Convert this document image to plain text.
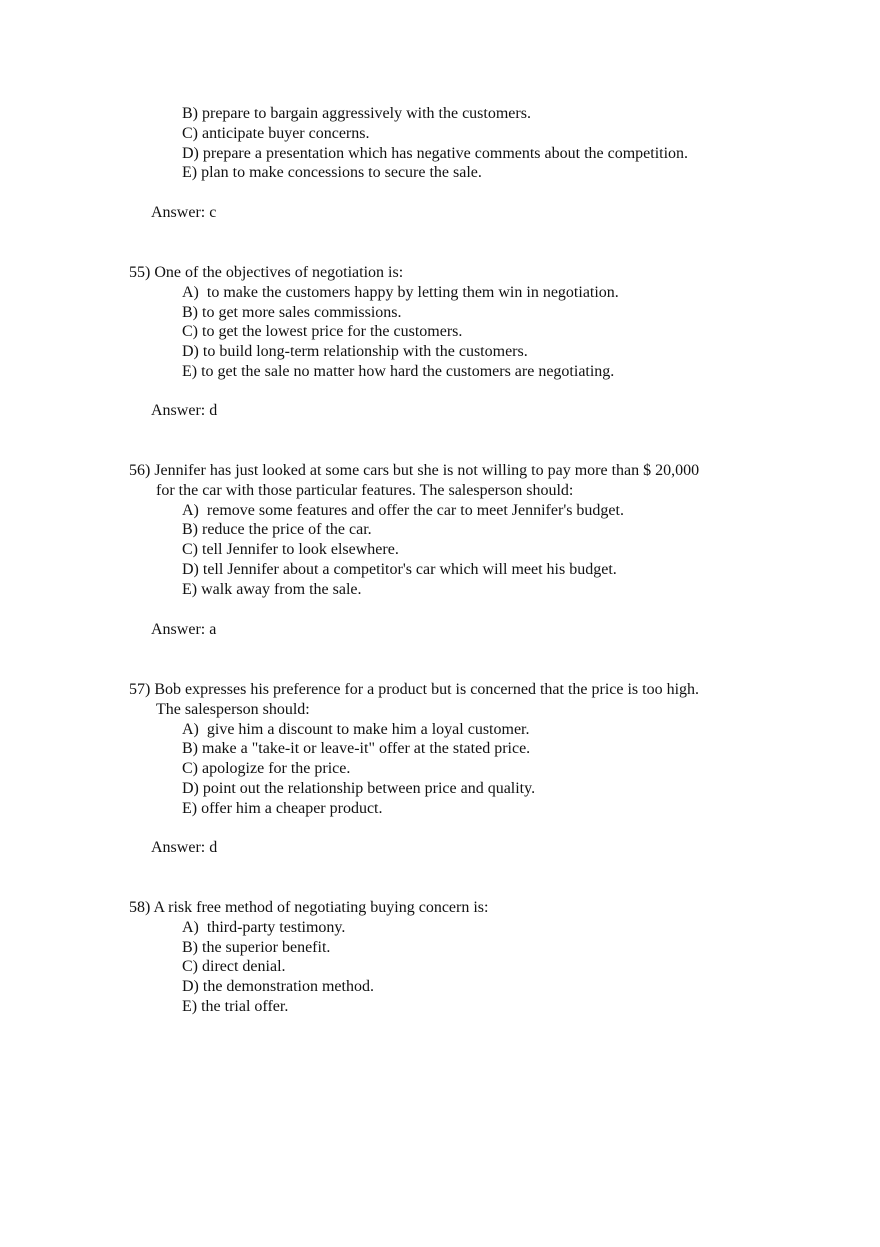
B) prepare to bargain aggressively with the customers.
C) anticipate buyer concerns.
D) prepare a presentation which has negative comments about the competition.
E) plan to make concessions to secure the sale.
Answer: c
55) One of the objectives of negotiation is:
A)  to make the customers happy by letting them win in negotiation.
B) to get more sales commissions.
C) to get the lowest price for the customers.
D) to build long-term relationship with the customers.
E) to get the sale no matter how hard the customers are negotiating.
Answer: d
56) Jennifer has just looked at some cars but she is not willing to pay more than $ 20,000
for the car with those particular features. The salesperson should:
A)  remove some features and offer the car to meet Jennifer's budget.
B) reduce the price of the car.
C) tell Jennifer to look elsewhere.
D) tell Jennifer about a competitor's car which will meet his budget.
E) walk away from the sale.
Answer: a
57) Bob expresses his preference for a product but is concerned that the price is too high.
The salesperson should:
A)  give him a discount to make him a loyal customer.
B) make a "take-it or leave-it" offer at the stated price.
C) apologize for the price.
D) point out the relationship between price and quality.
E) offer him a cheaper product.
Answer: d
58) A risk free method of negotiating buying concern is:
A)  third-party testimony.
B) the superior benefit.
C) direct denial.
D) the demonstration method.
E) the trial offer.
